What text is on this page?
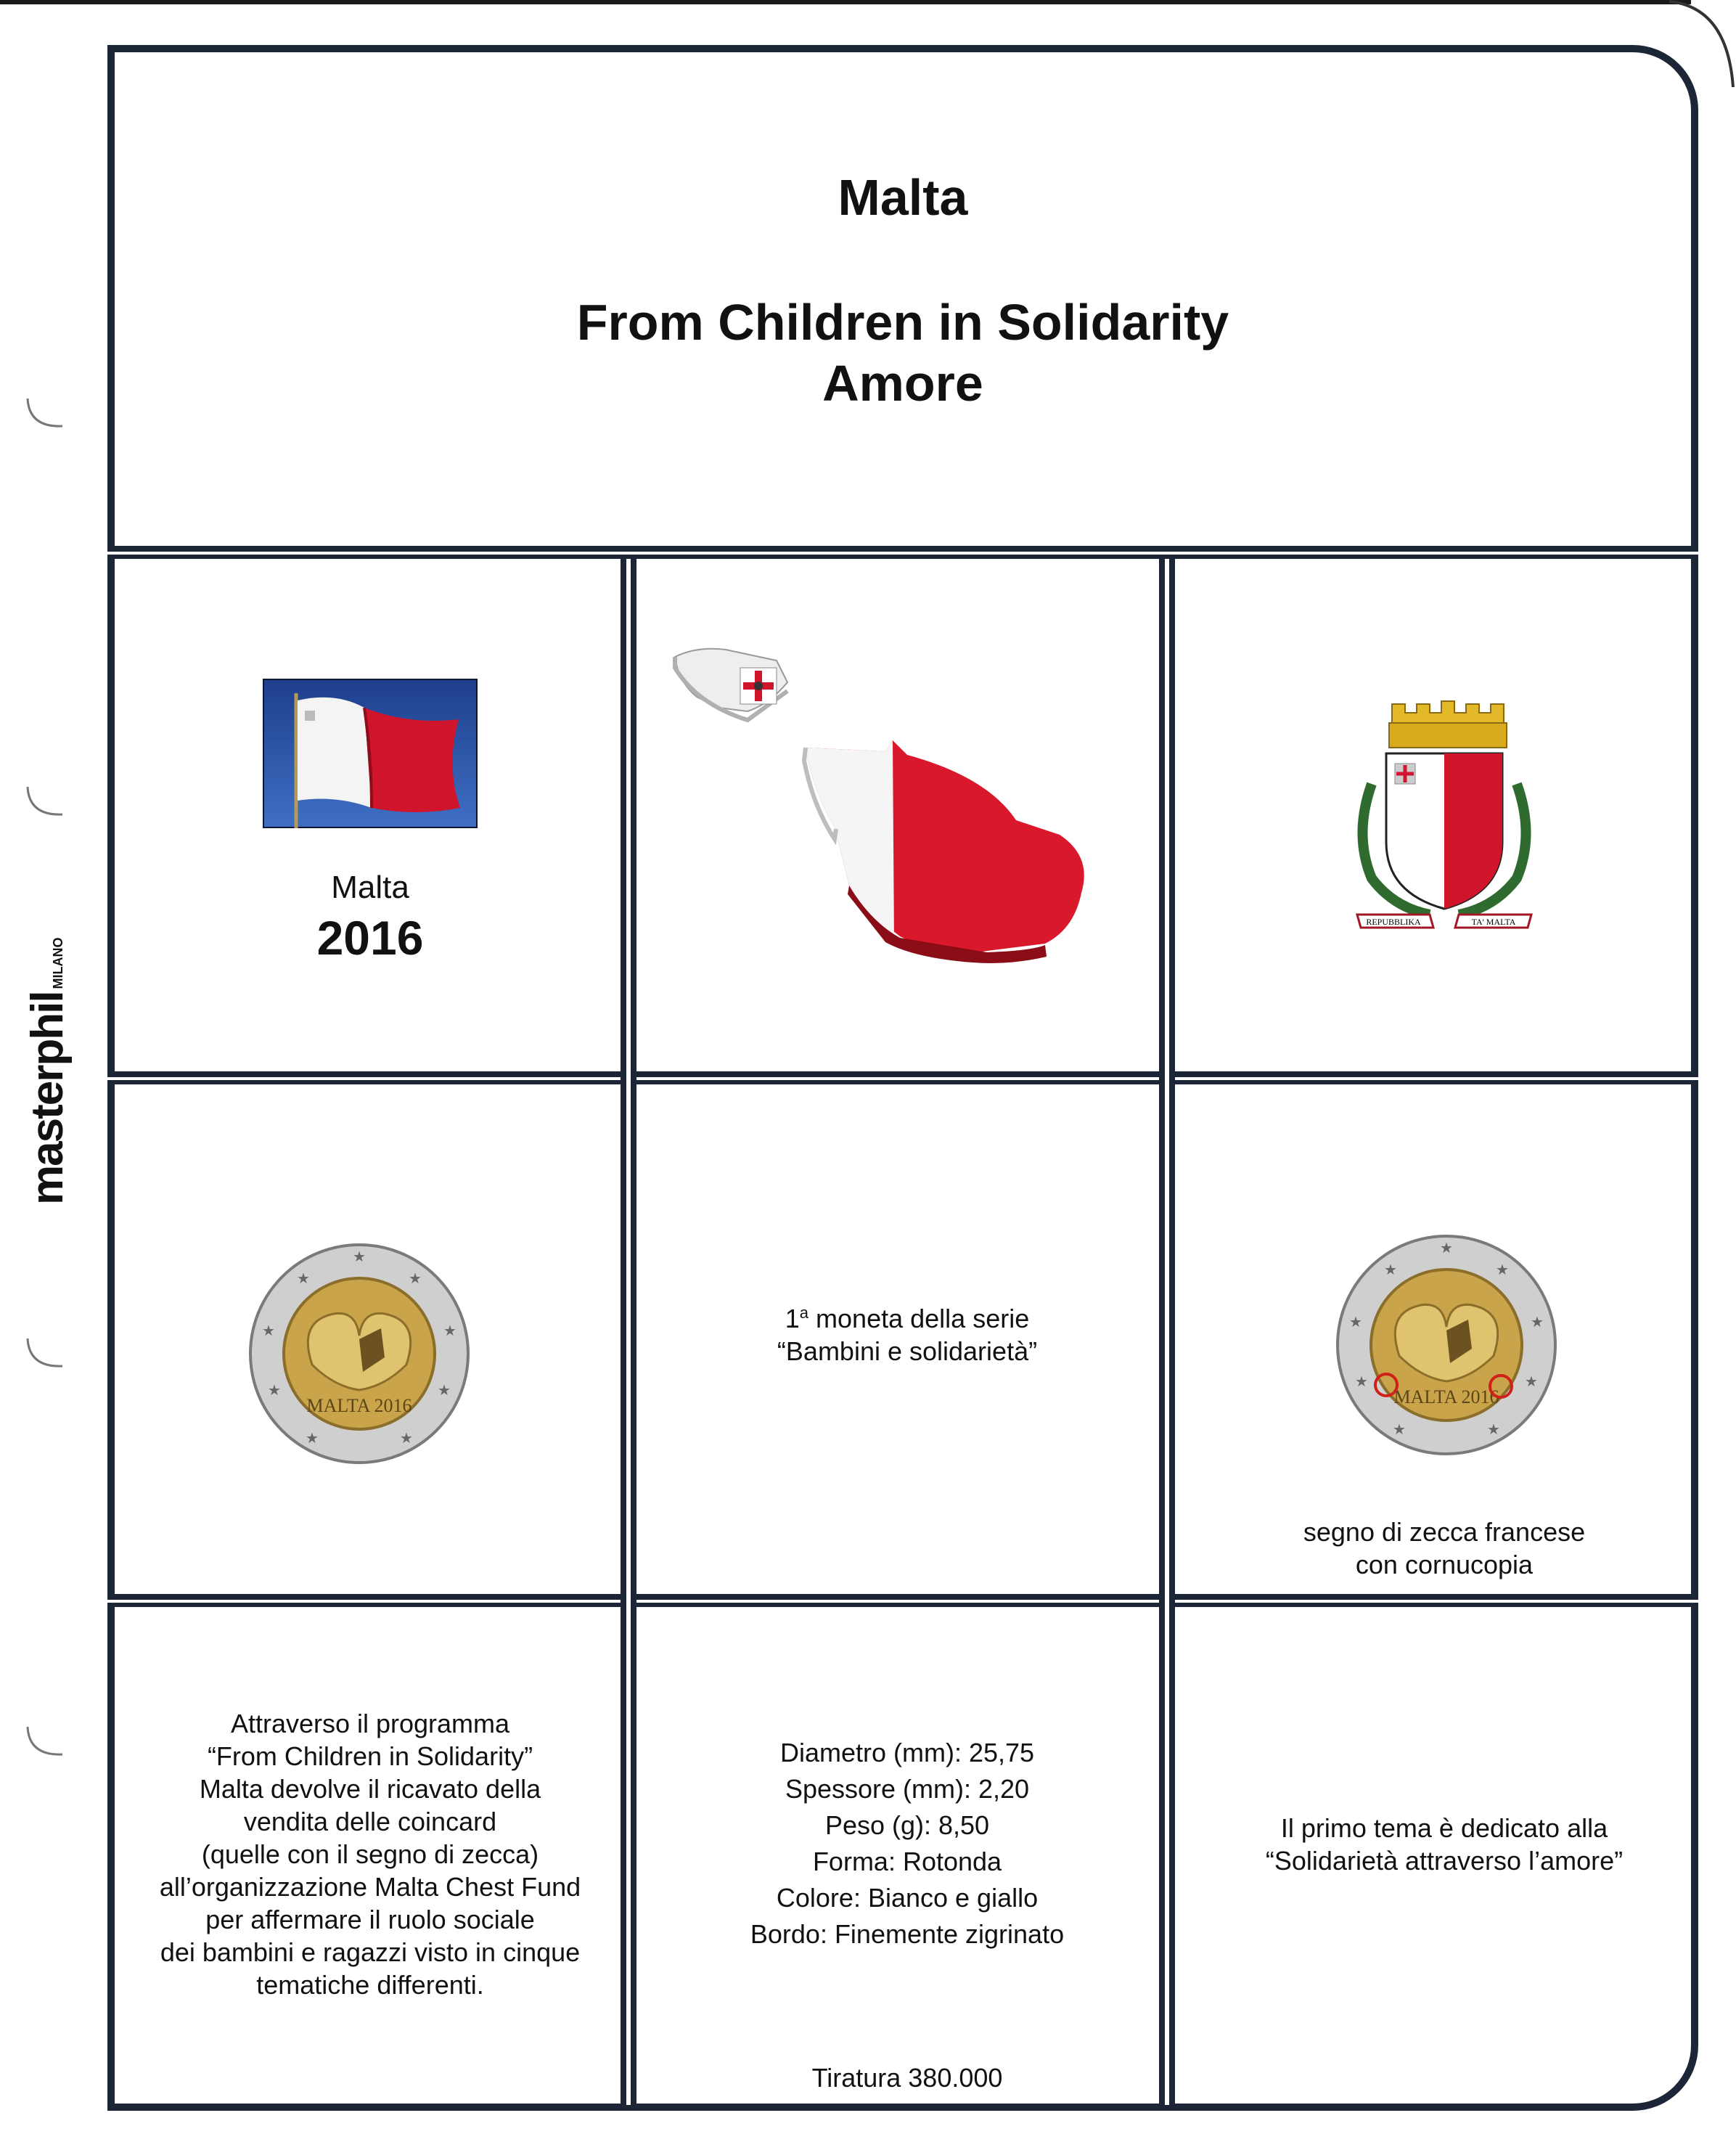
masterphilMILANO
Malta
From Children in Solidarity
Amore
Malta
2016	REPUBBLIKA	TA' MALTA
MALTA 2016
★
★
★
★
★
★
★
★
★
1$^a$ moneta della serie
“Bambini e solidarietà”
MALTA 2016
★
★
★
★
★
★
★
★
★
segno di zecca francese
con cornucopia
Attraverso il programma
“From Children in Solidarity”
Malta devolve il ricavato della
vendita delle coincard
(quelle con il segno di zecca)
all’organizzazione Malta Chest Fund
per affermare il ruolo sociale
dei bambini e ragazzi visto in cinque
tematiche differenti.
Diametro (mm): 25,75
Spessore (mm): 2,20
Peso (g): 8,50
Forma: Rotonda
Colore: Bianco e giallo
Bordo: Finemente zigrinato
Tiratura 380.000
Il primo tema è dedicato alla
“Solidarietà attraverso l’amore”
